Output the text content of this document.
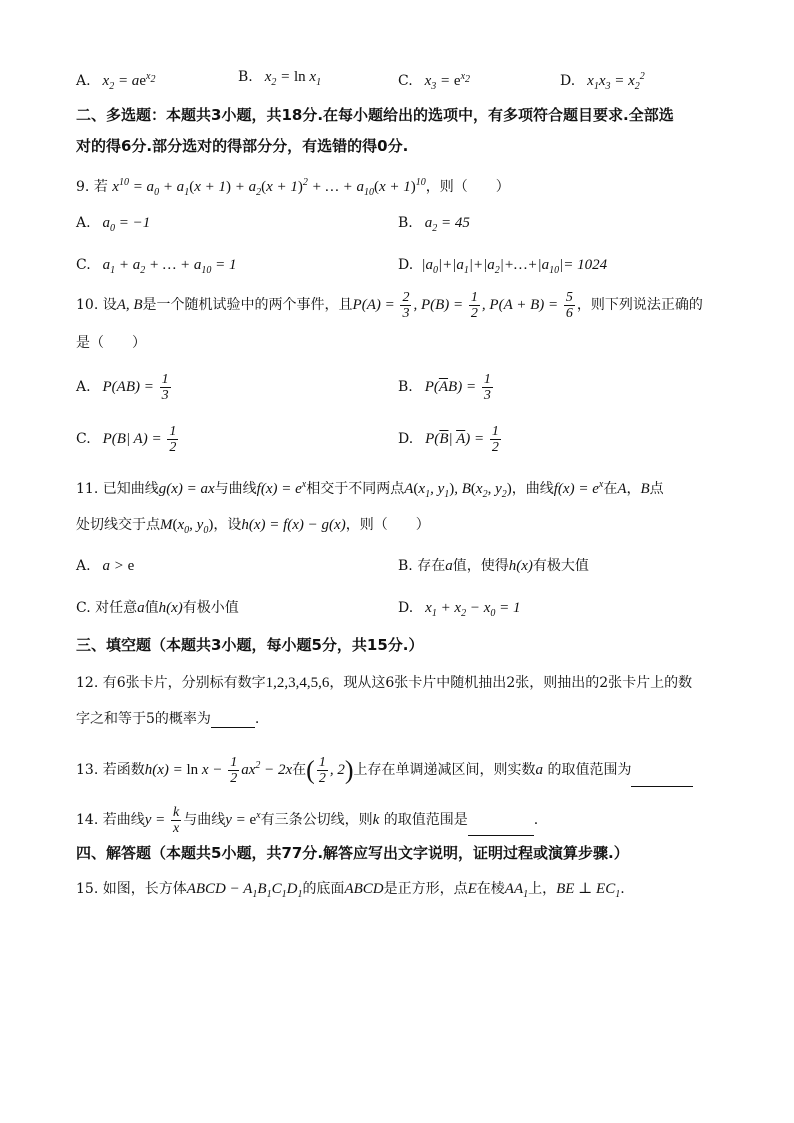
A.   $x_2 = ae^{x_2}$	B.   $x_2 = \ln x_1$	C.   $x_3 = e^{x_2}$	D.   $x_1x_3 = x_2^2$
二、多选题：本题共3小题，共18分.在每小题给出的选项中，有多项符合题目要求.全部选
对的得6分.部分选对的得部分分，有选错的得0分.
9. 若 $x^{10} = a_0 + a_1(x + 1) + a_2(x + 1)^2$ + … + $a_{10}(x + 1)^{10}$，则（　　）
A.   $a_0 = -1$	B.   $a_2 = 45$
C.   $a_1 + a_2$ + … + $a_{10} = 1$	D.  $|a_0|+|a_1|+|a_2|+\dots+|a_{10}|= 1024$
10. 设A, B是一个随机试验中的两个事件，且$P(A) = \frac{2}{3}$ , $P(B) = \frac{1}{2}$ , $P(A + B) = \frac{5}{6}$ ，则下列说法正确的
是（　　）
A.   $P(AB) = \frac{1}{3}$	B.   $P(\overline{A}B) = \frac{1}{3}$
C.   P(B| $A) = \frac{1}{2}$	D.   $P(\overline{B}|$ $\overline{A}) = \frac{1}{2}$
11. 已知曲线g(x) = ax与曲线$f(x) = e^x$相交于不同两点$A(x_1$, $y_1$), $B(x_2$, $y_2$)，曲线$f(x) = e^x$在A，B点
处切线交于点$M(x_0$, $y_0$)，设h(x) = f(x) − g(x)，则（　　）
A.   a > e	B. 存在a值，使得h(x)有极大值
C. 对任意a值h(x)有极小值	D.   $x_1 + x_2 - x_0 = 1$
三、填空题（本题共3小题，每小题5分，共15分.）
12. 有6张卡片，分别标有数字1,2,3,4,5,6，现从这6张卡片中随机抽出2张，则抽出的2张卡片上的数
字之和等于5的概率为	.
13. 若函数$h(x) = \ln x - \frac{1}{2} ax^2 - 2x$在( $\frac{1}{2}$ , 2)上存在单调递减区间，则实数a 的取值范围为
14. 若曲线$y = \frac{k}{x}$ 与曲线$y = e^x$有三条公切线，则k 的取值范围是	.
四、解答题（本题共5小题，共77分.解答应写出文字说明，证明过程或演算步骤.）
15. 如图，长方体ABCD − $A_1B_1C_1D_1$的底面ABCD是正方形，点E在棱$AA_1$上，BE ⊥ $EC_1$.
